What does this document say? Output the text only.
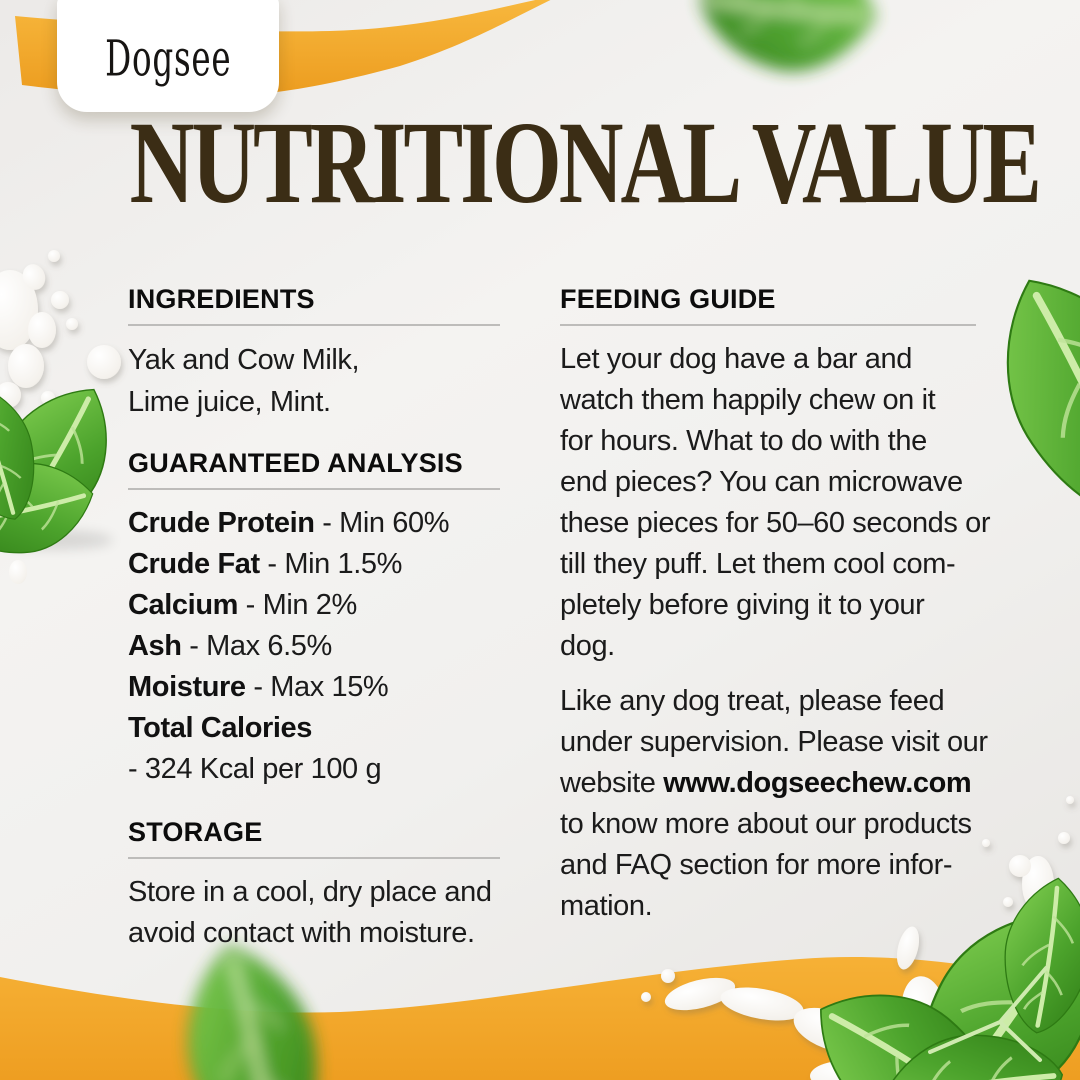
Dogsee
NUTRITIONAL VALUE
INGREDIENTS
Yak and Cow Milk,
Lime juice, Mint.
GUARANTEED ANALYSIS
Crude Protein - Min 60%
Crude Fat - Min 1.5%
Calcium - Min 2%
Ash - Max 6.5%
Moisture - Max 15%
Total Calories
- 324 Kcal per 100 g
STORAGE
Store in a cool, dry place and
avoid contact with moisture.
FEEDING GUIDE
Let your dog have a bar and
watch them happily chew on it
for hours. What to do with the
end pieces? You can microwave
these pieces for 50–60 seconds or
till they puff. Let them cool com-
pletely before giving it to your
dog.
Like any dog treat, please feed
under supervision. Please visit our
website www.dogseechew.com
to know more about our products
and FAQ section for more infor-
mation.
